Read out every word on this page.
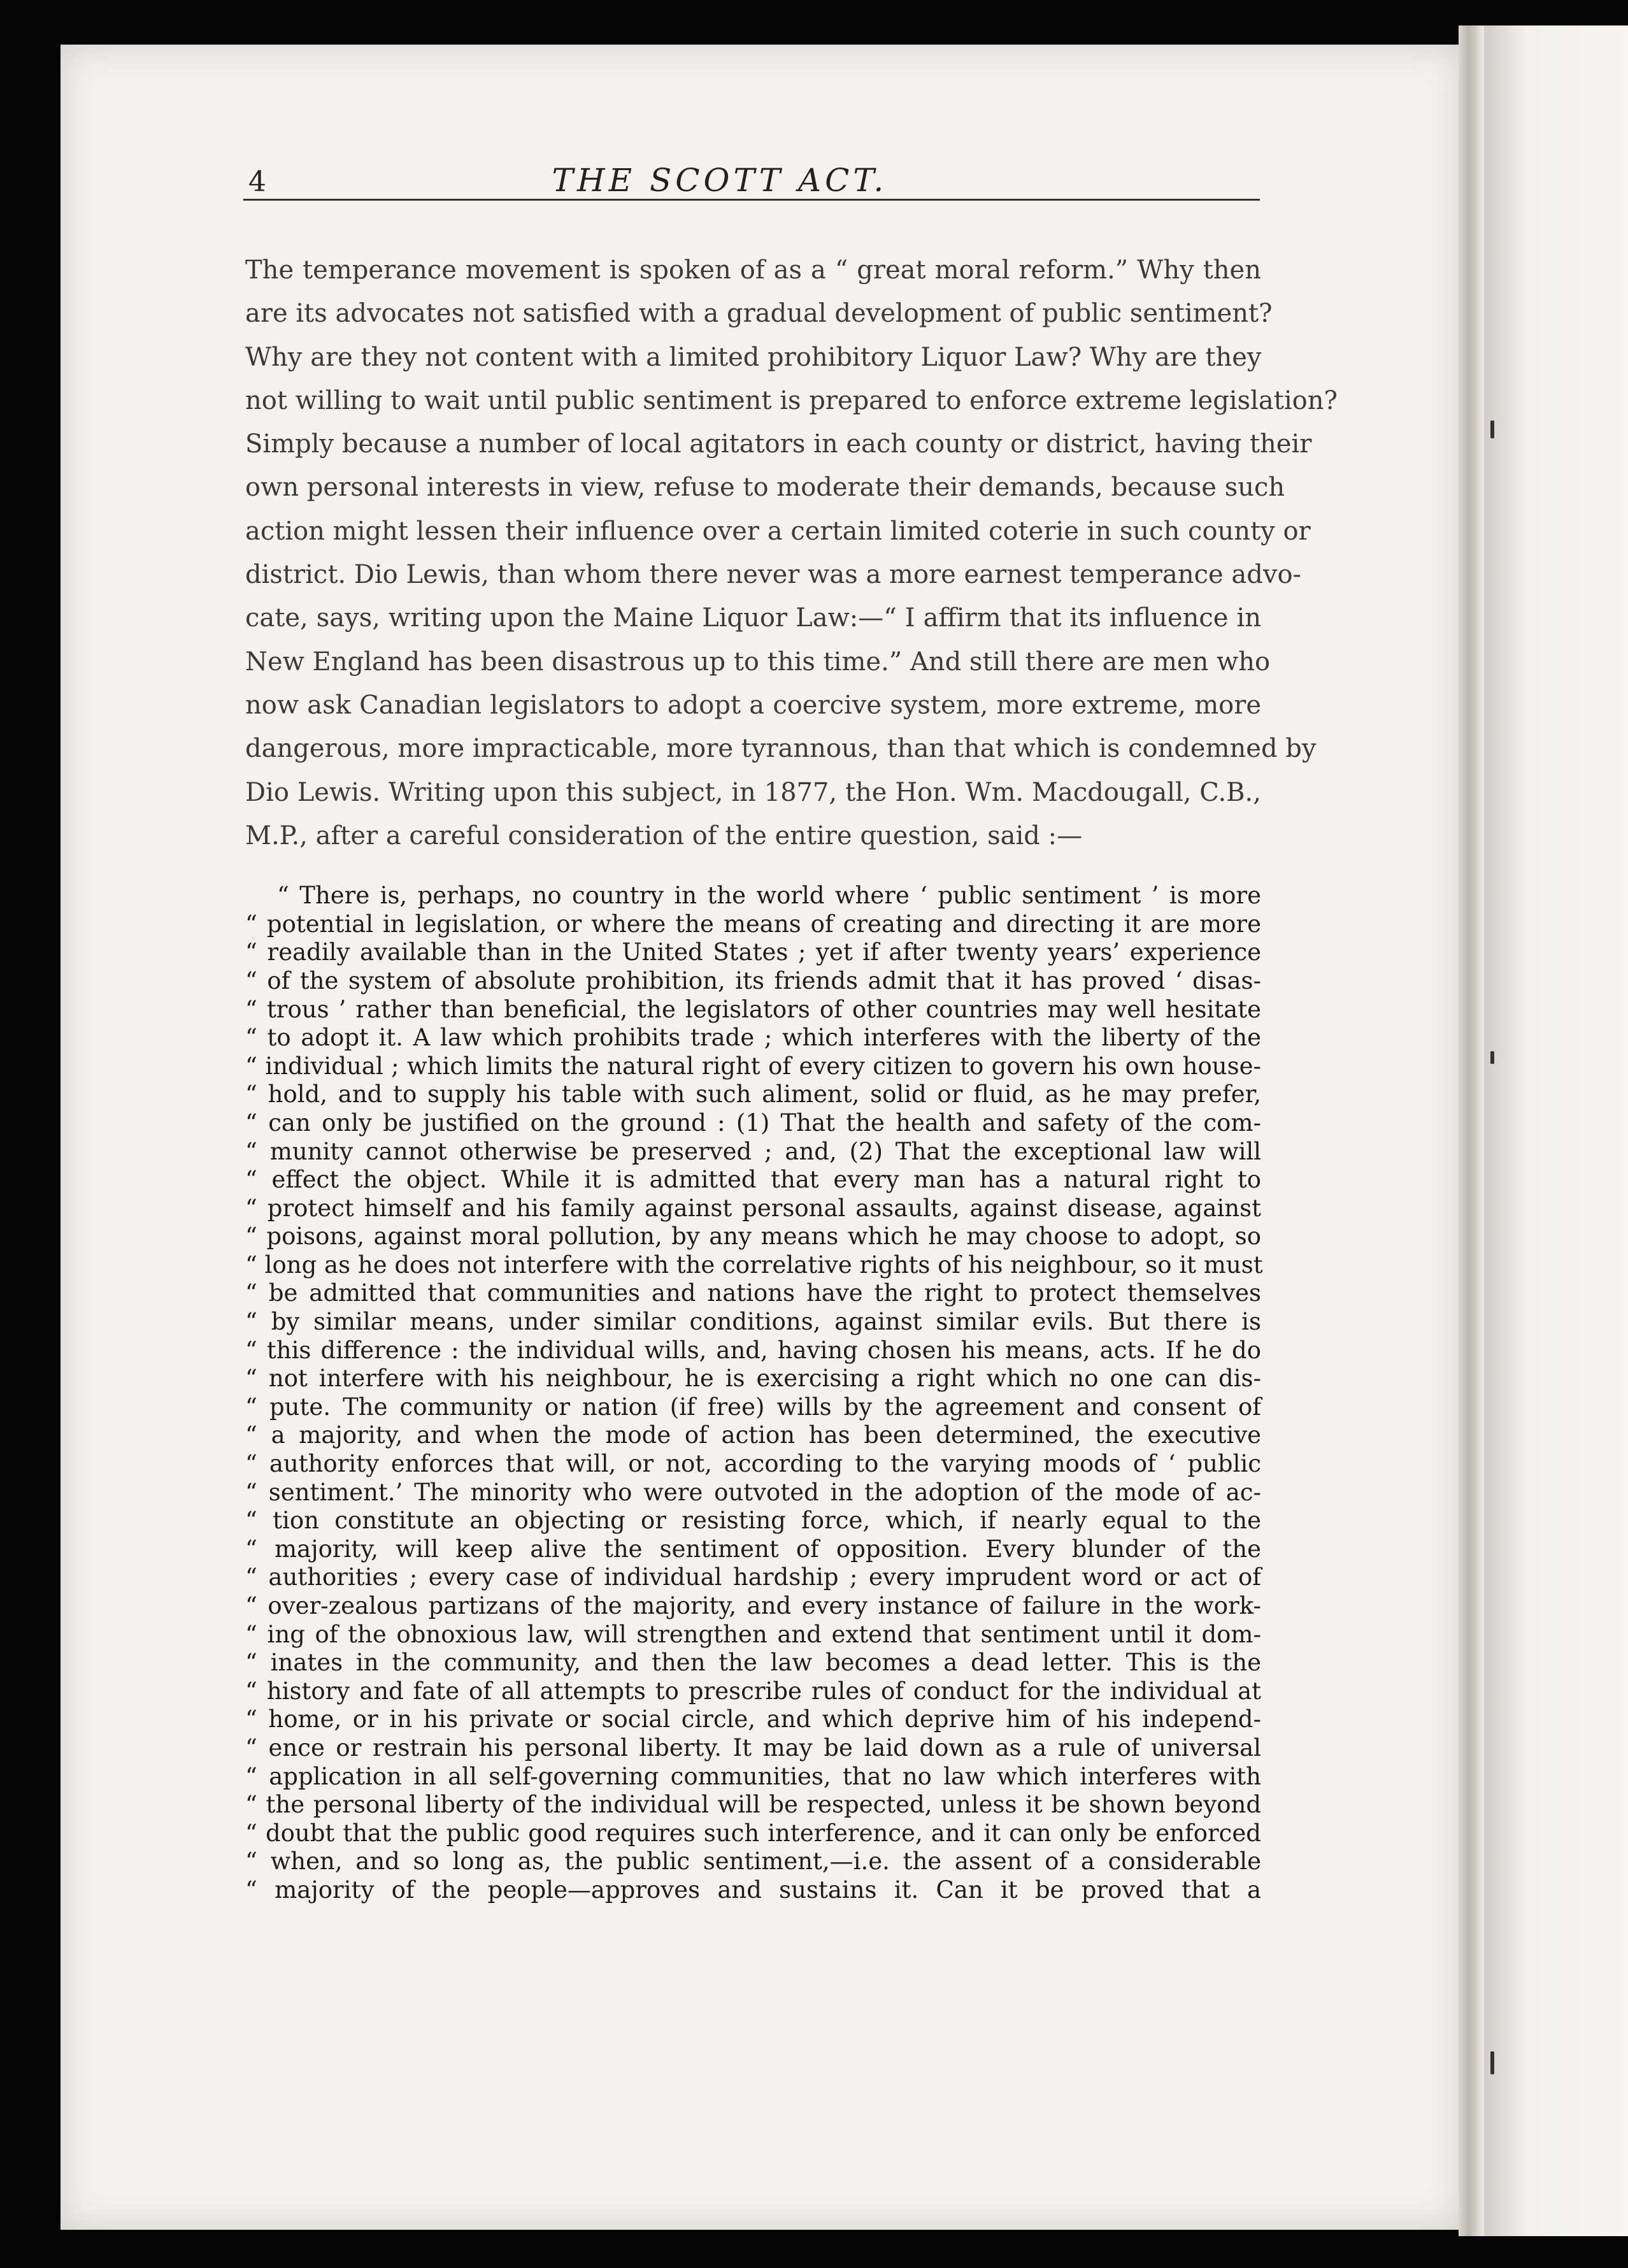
4	THE SCOTT ACT.
The temperance movement is spoken of as a “ great moral reform.” Why then
are its advocates not satisfied with a gradual development of public sentiment?
Why are they not content with a limited prohibitory Liquor Law? Why are they
not willing to wait until public sentiment is prepared to enforce extreme legislation?
Simply because a number of local agitators in each county or district, having their
own personal interests in view, refuse to moderate their demands, because such
action might lessen their influence over a certain limited coterie in such county or
district. Dio Lewis, than whom there never was a more earnest temperance advo-
cate, says, writing upon the Maine Liquor Law:—“ I affirm that its influence in
New England has been disastrous up to this time.” And still there are men who
now ask Canadian legislators to adopt a coercive system, more extreme, more
dangerous, more impracticable, more tyrannous, than that which is condemned by
Dio Lewis. Writing upon this subject, in 1877, the Hon. Wm. Macdougall, C.B.,
M.P., after a careful consideration of the entire question, said :—
“ There is, perhaps, no country in the world where ‘ public sentiment ’ is more
“ potential in legislation, or where the means of creating and directing it are more
“ readily available than in the United States ; yet if after twenty years’ experience
“ of the system of absolute prohibition, its friends admit that it has proved ‘ disas-
“ trous ’ rather than beneficial, the legislators of other countries may well hesitate
“ to adopt it. A law which prohibits trade ; which interferes with the liberty of the
“ individual ; which limits the natural right of every citizen to govern his own house-
“ hold, and to supply his table with such aliment, solid or fluid, as he may prefer,
“ can only be justified on the ground : (1) That the health and safety of the com-
“ munity cannot otherwise be preserved ; and, (2) That the exceptional law will
“ effect the object. While it is admitted that every man has a natural right to
“ protect himself and his family against personal assaults, against disease, against
“ poisons, against moral pollution, by any means which he may choose to adopt, so
“ long as he does not interfere with the correlative rights of his neighbour, so it must
“ be admitted that communities and nations have the right to protect themselves
“ by similar means, under similar conditions, against similar evils. But there is
“ this difference : the individual wills, and, having chosen his means, acts. If he do
“ not interfere with his neighbour, he is exercising a right which no one can dis-
“ pute. The community or nation (if free) wills by the agreement and consent of
“ a majority, and when the mode of action has been determined, the executive
“ authority enforces that will, or not, according to the varying moods of ‘ public
“ sentiment.’ The minority who were outvoted in the adoption of the mode of ac-
“ tion constitute an objecting or resisting force, which, if nearly equal to the
“ majority, will keep alive the sentiment of opposition. Every blunder of the
“ authorities ; every case of individual hardship ; every imprudent word or act of
“ over-zealous partizans of the majority, and every instance of failure in the work-
“ ing of the obnoxious law, will strengthen and extend that sentiment until it dom-
“ inates in the community, and then the law becomes a dead letter. This is the
“ history and fate of all attempts to prescribe rules of conduct for the individual at
“ home, or in his private or social circle, and which deprive him of his independ-
“ ence or restrain his personal liberty. It may be laid down as a rule of universal
“ application in all self-governing communities, that no law which interferes with
“ the personal liberty of the individual will be respected, unless it be shown beyond
“ doubt that the public good requires such interference, and it can only be enforced
“ when, and so long as, the public sentiment,—i.e. the assent of a considerable
“ majority of the people—approves and sustains it. Can it be proved that a
